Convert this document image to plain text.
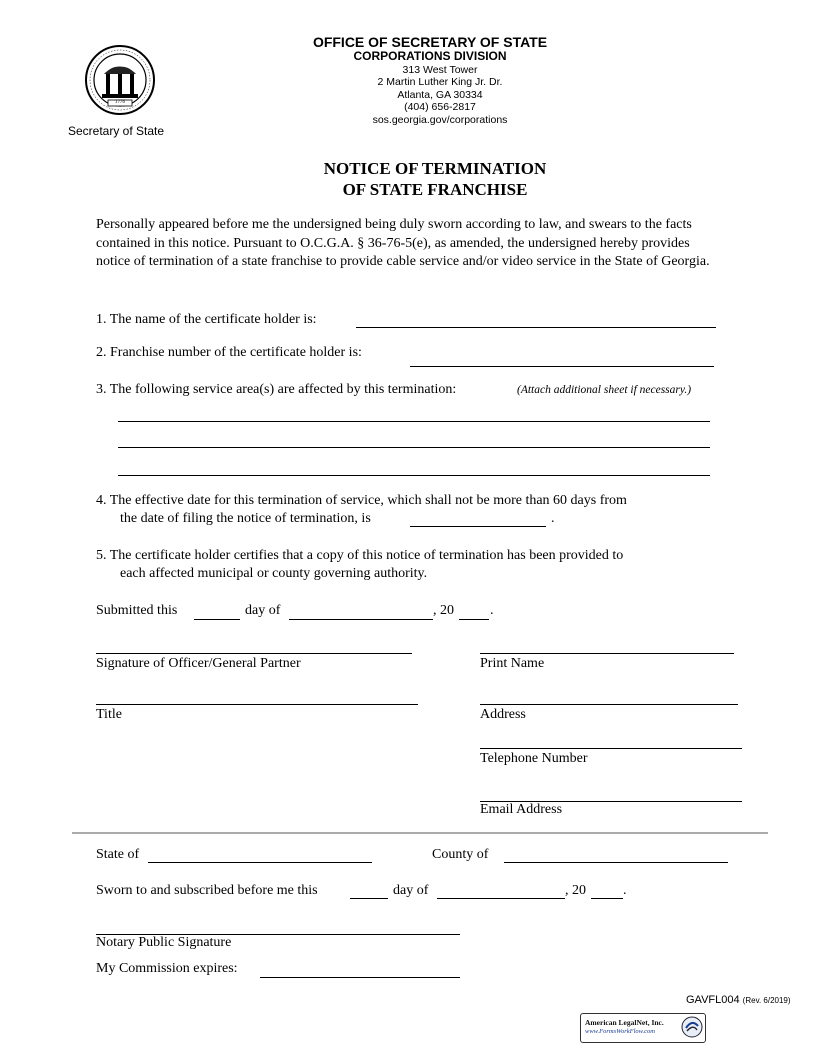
1776
Secretary of State
OFFICE OF SECRETARY OF STATE
CORPORATIONS DIVISION
313 West Tower
2 Martin Luther King Jr. Dr.
Atlanta, GA 30334
(404) 656-2817
sos.georgia.gov/corporations
NOTICE OF TERMINATION
OF STATE FRANCHISE
Personally appeared before me the undersigned being duly sworn according to law, and swears to the facts contained in this notice. Pursuant to O.C.G.A. § 36-76-5(e), as amended, the undersigned hereby provides notice of termination of a state franchise to provide cable service and/or video service in the State of Georgia.
1. The name of the certificate holder is:
2. Franchise number of the certificate holder is:
3. The following service area(s) are affected by this termination:	(Attach additional sheet if necessary.)
4. The effective date for this termination of service, which shall not be more than 60 days from
the date of filing the notice of termination, is	.
5. The certificate holder certifies that a copy of this notice of termination has been provided to
each affected municipal or county governing authority.
Submitted this	day of	, 20	.
Signature of Officer/General Partner	Print Name
Title	Address
Telephone Number
Email Address
State of	County of
Sworn to and subscribed before me this	day of	, 20	.
Notary Public Signature
My Commission expires:
GAVFL004 (Rev. 6/2019)
American LegalNet, Inc.
www.FormsWorkFlow.com
